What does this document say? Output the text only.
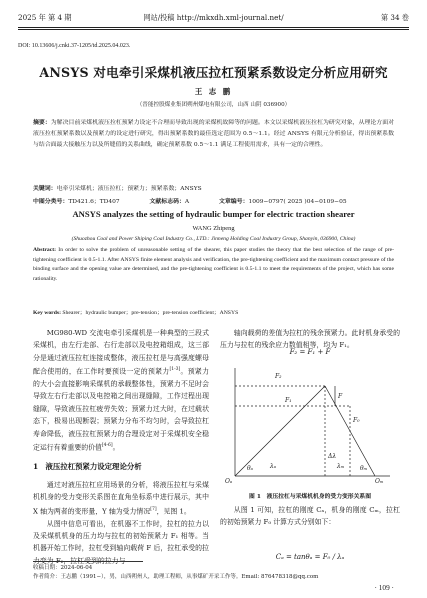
2025 年 第 4 期	网站/投稿 http://mkxdh.xml-journal.net/	第 34 卷
DOI: 10.13606/j.cnki.37-1205/td.2025.04.023.
ANSYS 对电牵引采煤机液压拉杠预紧系数设定分析应用研究
王 志 鹏
（晋能控股煤业集团朔州煤电有限公司，山西 山阴 036900）
摘要：为解决目前采煤机液压拉杠预紧力设定不合理而导致出现的采煤机故障等的问题。本文以采煤机液压拉杠为研究对象，从理论方面对液压拉杠预紧系数以及预紧力的设定进行研究，得出预紧系数的最佳选定范围为 0.5～1.1。经过 ANSYS 有限元分析验证，得出预紧系数与结合面最大接触压力以及所缝值的关系曲线，确定预紧系数 0.5～1.1 满足工程使用需求，具有一定的合理性。
关键词：电牵引采煤机；液压拉杠；预紧力；预紧系数；ANSYS
中图分类号：TD421.6；TD407	文献标志码：A	文章编号：1009−0797( 2025 )04−0109−05
ANSYS analyzes the setting of hydraulic bumper for electric traction shearer
WANG Zhipeng
(Shuozhou Coal and Power Shiping Coal Industry Co., LTD.: Jinneng Holding Coal Industry Group, Shanyin, 036900, China)
Abstract: In order to solve the problem of unreasonable setting of the shearer, this paper studies the theory that the best selection of the range of pre-tightening coefficient is 0.5-1.1. After ANSYS finite element analysis and verification, the pre-tightening coefficient and the maximum contact pressure of the binding surface and the opening value are determined, and the pre-tightening coefficient is 0.5-1.1 to meet the requirements of the project, which has some rationality.
Key words: Shearer；hydraulic bumper；pre-tension；pre-tension coefficient；ANSYS

MG980-WD 交流电牵引采煤机是一种典型的三段式采煤机，由左行走部、右行走部以及电控箱组成，这三部分是通过液压拉杠连接成整体，液压拉杠是与高强度螺母配合使用的，在工作时要预设一定的预紧力[1-3]。预紧力的大小会直接影响采煤机的承载整体性，预紧力不足时会导致左右行走部以及电控箱之间出现缝隙，工作过程出现缝隙，导致液压拉杠疲劳失效；预紧力过大时，在过载状态下，极易出现断裂；预紧力分布不均匀时，会导致拉杠寿命降低，液压拉杠预紧力的合理设定对于采煤机安全稳定运行有着重要的价值[4-6]。

1　液压拉杠预紧力设定理论分析

通过对液压拉杠应用场景的分析，将液压拉杠与采煤机机身的受力变形关系图在直角坐标系中进行展示，其中 X 轴为两者的变形量，Y 轴为受力情况[7]，见图 1。

从图中信息可看出，在机器不工作时，拉杠的拉力以及采煤机机身的压力均与拉杠的初始预紧力 F₁ 相等。当机器开始工作时，拉杠受到轴向载荷 F 后，拉杠承受的拉力变为 F₂，拉杠受到的拉力与

轴向载荷的差值为拉杠的残余预紧力。此时机身承受的压力与拉杠的残余应力数值相等，均为 F₁。

F₂ = F₁ + F
F₂
F
F₁
F₀
Oₐ	Oₘ
θₐ	θₘ
λₐ	λₘ
Δλ
图 1　液压拉杠与采煤机机身的受力变形关系图

从图 1 可知，拉杠的刚度 Cₐ，机身的刚度 Cₘ，拉杠的初始预紧力 F₀ 计算方式分别如下：

Cₐ = tanθₐ = F₀ / λₐ
收稿日期：2024-06-04
作者简介：王志鹏（1991−），男，山西朔州人，助理工程师，从事煤矿开采工作等。Email: 876478318@qq.com
· 109 ·
